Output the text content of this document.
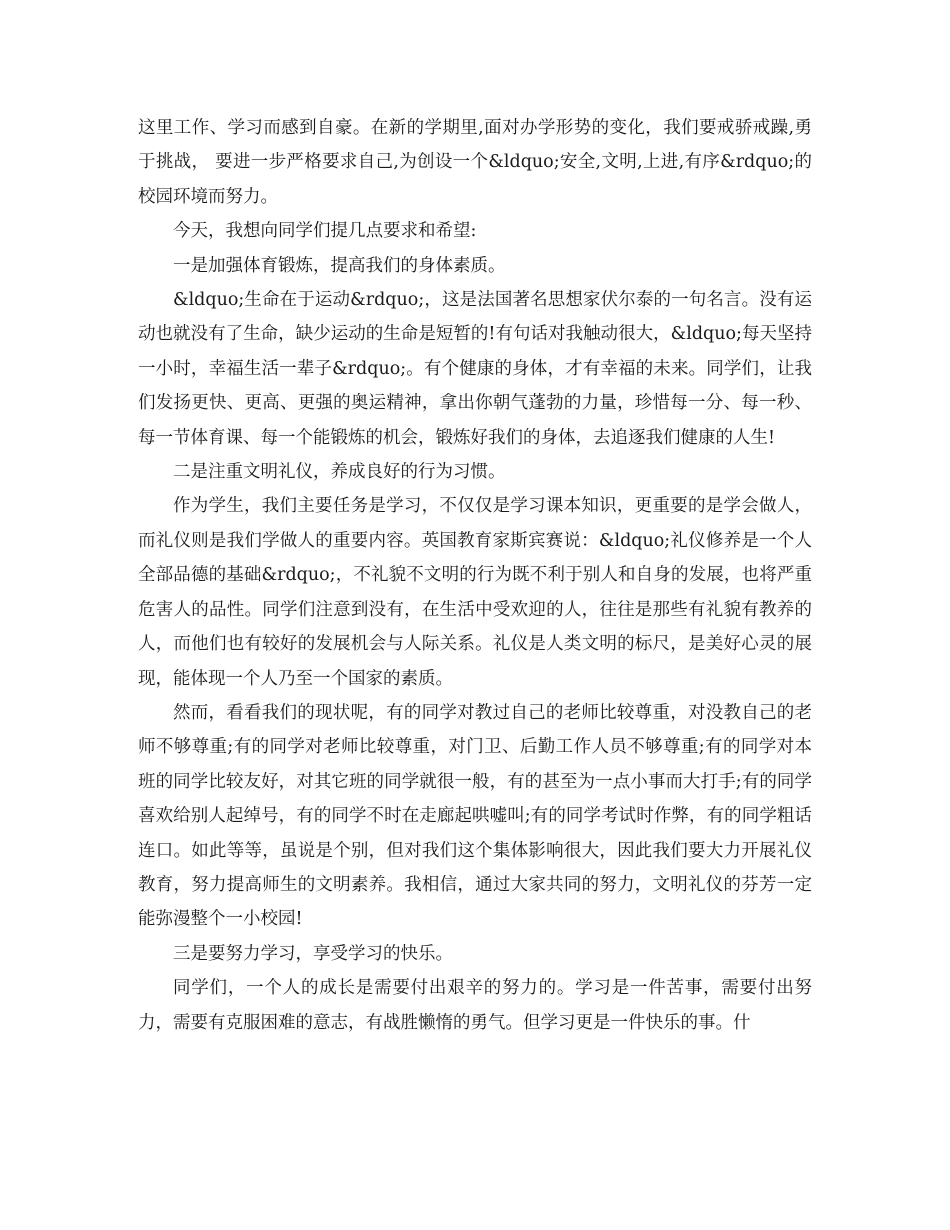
这里工作、学习而感到自豪。在新的学期里,面对办学形势的变化，我们要戒骄戒躁,勇于挑战， 要进一步严格要求自己,为创设一个&ldquo;安全,文明,上进,有序&rdquo;的校园环境而努力。

今天，我想向同学们提几点要求和希望:

一是加强体育锻炼，提高我们的身体素质。

&ldquo;生命在于运动&rdquo;，这是法国著名思想家伏尔泰的一句名言。没有运动也就没有了生命，缺少运动的生命是短暂的!有句话对我触动很大，&ldquo;每天坚持一小时，幸福生活一辈子&rdquo;。有个健康的身体，才有幸福的未来。同学们，让我们发扬更快、更高、更强的奥运精神，拿出你朝气蓬勃的力量，珍惜每一分、每一秒、每一节体育课、每一个能锻炼的机会，锻炼好我们的身体，去追逐我们健康的人生!

二是注重文明礼仪，养成良好的行为习惯。

作为学生，我们主要任务是学习，不仅仅是学习课本知识，更重要的是学会做人，而礼仪则是我们学做人的重要内容。英国教育家斯宾赛说：&ldquo;礼仪修养是一个人全部品德的基础&rdquo;，不礼貌不文明的行为既不利于别人和自身的发展，也将严重危害人的品性。同学们注意到没有，在生活中受欢迎的人，往往是那些有礼貌有教养的人，而他们也有较好的发展机会与人际关系。礼仪是人类文明的标尺，是美好心灵的展现，能体现一个人乃至一个国家的素质。

然而，看看我们的现状呢，有的同学对教过自己的老师比较尊重，对没教自己的老师不够尊重;有的同学对老师比较尊重，对门卫、后勤工作人员不够尊重;有的同学对本班的同学比较友好，对其它班的同学就很一般，有的甚至为一点小事而大打手;有的同学喜欢给别人起绰号，有的同学不时在走廊起哄嘘叫;有的同学考试时作弊，有的同学粗话连口。如此等等，虽说是个别，但对我们这个集体影响很大，因此我们要大力开展礼仪教育，努力提高师生的文明素养。我相信，通过大家共同的努力，文明礼仪的芬芳一定能弥漫整个一小校园!

三是要努力学习，享受学习的快乐。

同学们，一个人的成长是需要付出艰辛的努力的。学习是一件苦事，需要付出努力，需要有克服困难的意志，有战胜懒惰的勇气。但学习更是一件快乐的事。什
